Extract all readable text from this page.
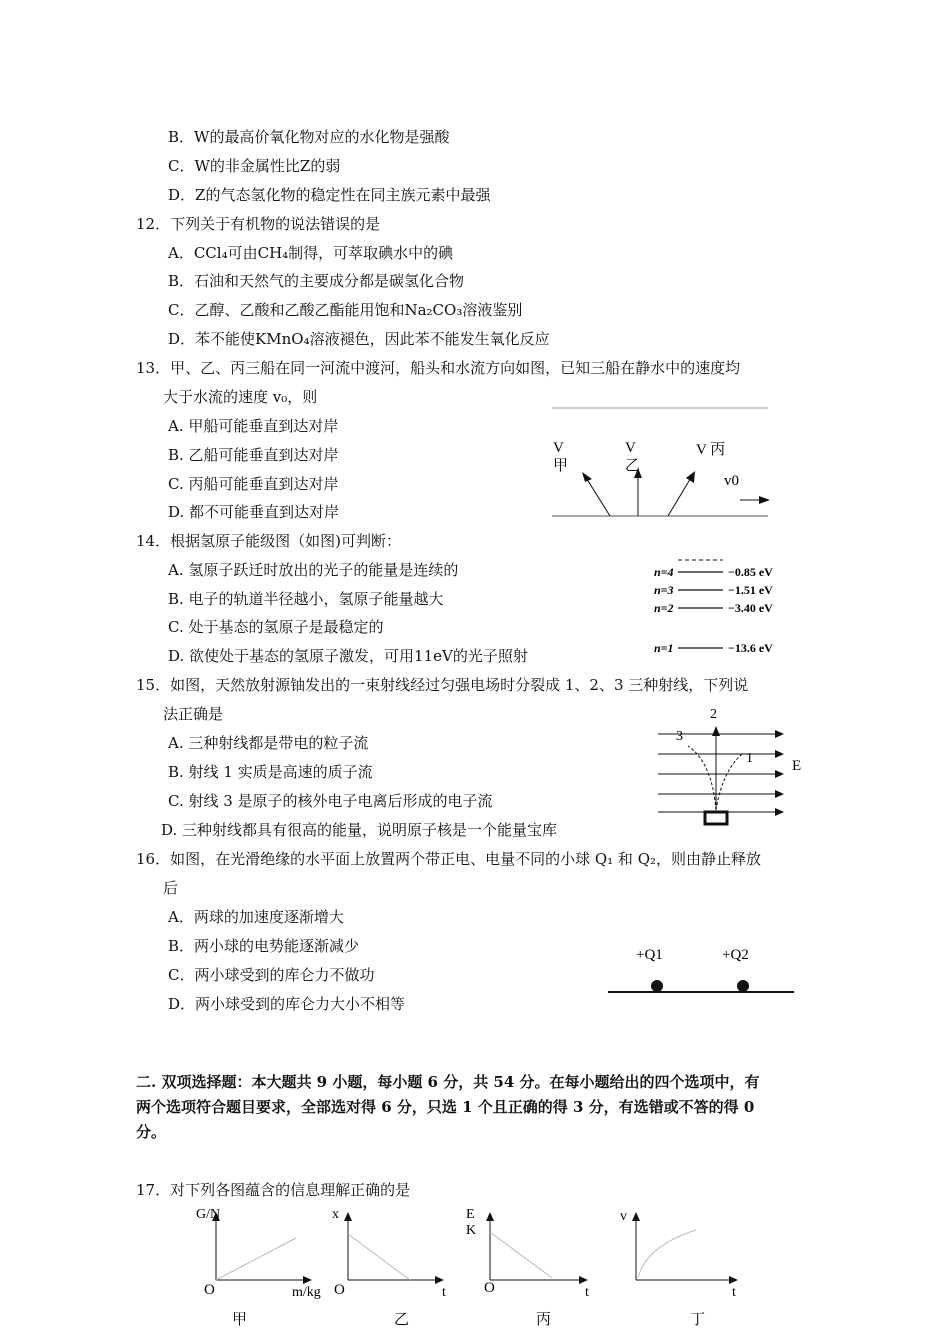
B．W的最高价氧化物对应的水化物是强酸
C．W的非金属性比Z的弱
D．Z的气态氢化物的稳定性在同主族元素中最强
12．下列关于有机物的说法错误的是
A．CCl₄可由CH₄制得，可萃取碘水中的碘
B．石油和天然气的主要成分都是碳氢化合物
C．乙醇、乙酸和乙酸乙酯能用饱和Na₂CO₃溶液鉴别
D．苯不能使KMnO₄溶液褪色，因此苯不能发生氧化反应
13．甲、乙、丙三船在同一河流中渡河，船头和水流方向如图，已知三船在静水中的速度均
大于水流的速度 v₀，则
A. 甲船可能垂直到达对岸
B. 乙船可能垂直到达对岸
C. 丙船可能垂直到达对岸
D. 都不可能垂直到达对岸
V
甲
V
乙
V 丙
v0
14．根据氢原子能级图（如图)可判断：
A. 氢原子跃迁时放出的光子的能量是连续的
B. 电子的轨道半径越小，氢原子能量越大
C. 处于基态的氢原子是最稳定的
D. 欲使处于基态的氢原子激发，可用11eV的光子照射
n=4	−0.85 eV
n=3	−1.51 eV
n=2	−3.40 eV
n=1	−13.6 eV
15．如图，天然放射源铀发出的一束射线经过匀强电场时分裂成 1、2、3 三种射线，下列说
法正确是
A. 三种射线都是带电的粒子流
B. 射线 1 实质是高速的质子流
C. 射线 3 是原子的核外电子电离后形成的电子流
D. 三种射线都具有很高的能量，说明原子核是一个能量宝库
2
3
1	E
16．如图，在光滑绝缘的水平面上放置两个带正电、电量不同的小球 Q₁ 和 Q₂，则由静止释放
后
A．两球的加速度逐渐增大
B．两小球的电势能逐渐减少
C．两小球受到的库仑力不做功
D．两小球受到的库仑力大小不相等
+Q1	+Q2
二. 双项选择题：本大题共 9 小题，每小题 6 分，共 54 分。在每小题给出的四个选项中，有
两个选项符合题目要求，全部选对得 6 分，只选 1 个且正确的得 3 分，有选错或不答的得 0
分。
17．对下列各图蕴含的信息理解正确的是
G/N
O	m/kg
甲
x
O	t
乙
E
K
O	t
丙
v
t
丁
